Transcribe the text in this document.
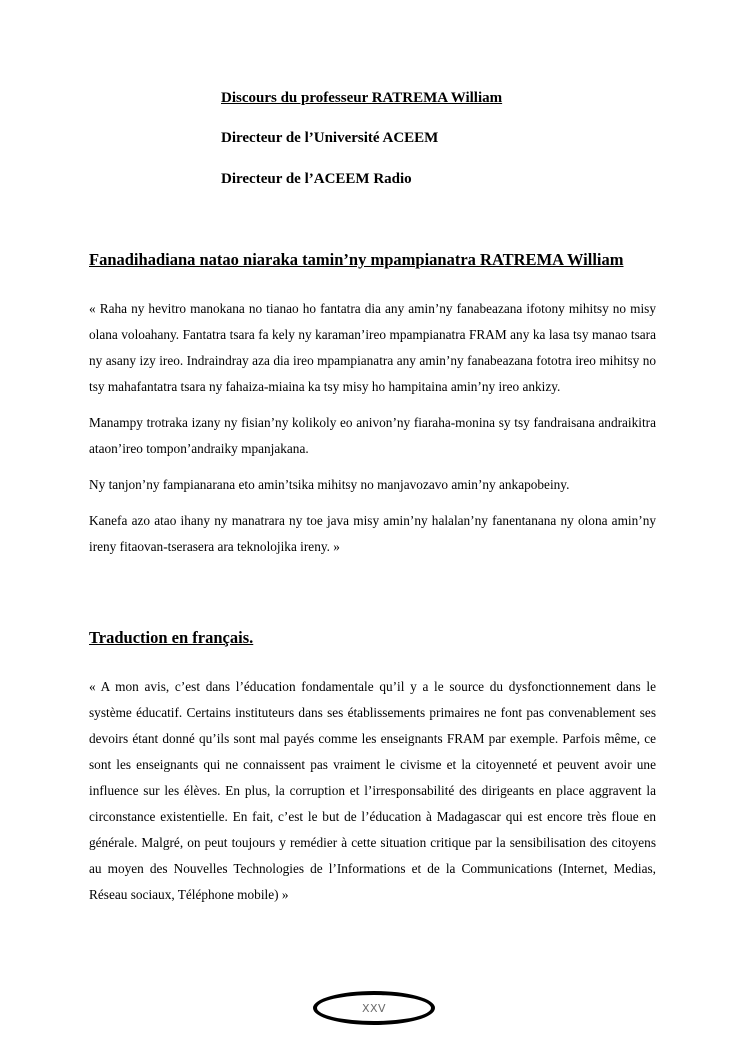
Discours du professeur RATREMA William

Directeur de l’Université ACEEM

Directeur de l’ACEEM Radio

Fanadihadiana natao niaraka tamin’ny mpampianatra RATREMA William

« Raha ny hevitro manokana no tianao ho fantatra dia any amin’ny fanabeazana ifotony mihitsy no misy olana voloahany. Fantatra tsara fa kely ny karaman’ireo mpampianatra FRAM any ka lasa tsy manao tsara ny asany izy ireo. Indraindray aza dia ireo mpampianatra any amin’ny fanabeazana fototra ireo mihitsy no tsy mahafantatra tsara ny fahaiza-miaina ka tsy misy ho hampitaina amin’ny ireo ankizy.

Manampy trotraka izany ny fisian’ny kolikoly eo anivon’ny fiaraha-monina sy tsy fandraisana andraikitra ataon’ireo tompon’andraiky mpanjakana.

Ny tanjon’ny fampianarana eto amin’tsika mihitsy no manjavozavo amin’ny ankapobeiny.

Kanefa azo atao ihany ny manatrara ny toe java misy amin’ny halalan’ny fanentanana ny olona amin’ny ireny fitaovan-tserasera ara teknolojika ireny. »

Traduction en français.

« A mon avis, c’est dans l’éducation fondamentale qu’il y a le source du dysfonctionnement dans le système éducatif. Certains instituteurs dans ses établissements primaires ne font pas convenablement ses devoirs étant donné qu’ils sont mal payés comme les enseignants FRAM par exemple. Parfois même, ce sont les enseignants qui ne connaissent pas vraiment le civisme et la citoyenneté et peuvent avoir une influence sur les élèves. En plus, la corruption et l’irresponsabilité des dirigeants en place aggravent la circonstance existentielle. En fait, c’est le but de l’éducation à Madagascar qui est encore très floue en générale. Malgré, on peut toujours y remédier à cette situation critique par la sensibilisation des citoyens au moyen des Nouvelles Technologies de l’Informations et de la Communications (Internet, Medias, Réseau sociaux, Téléphone mobile) »

XXV
